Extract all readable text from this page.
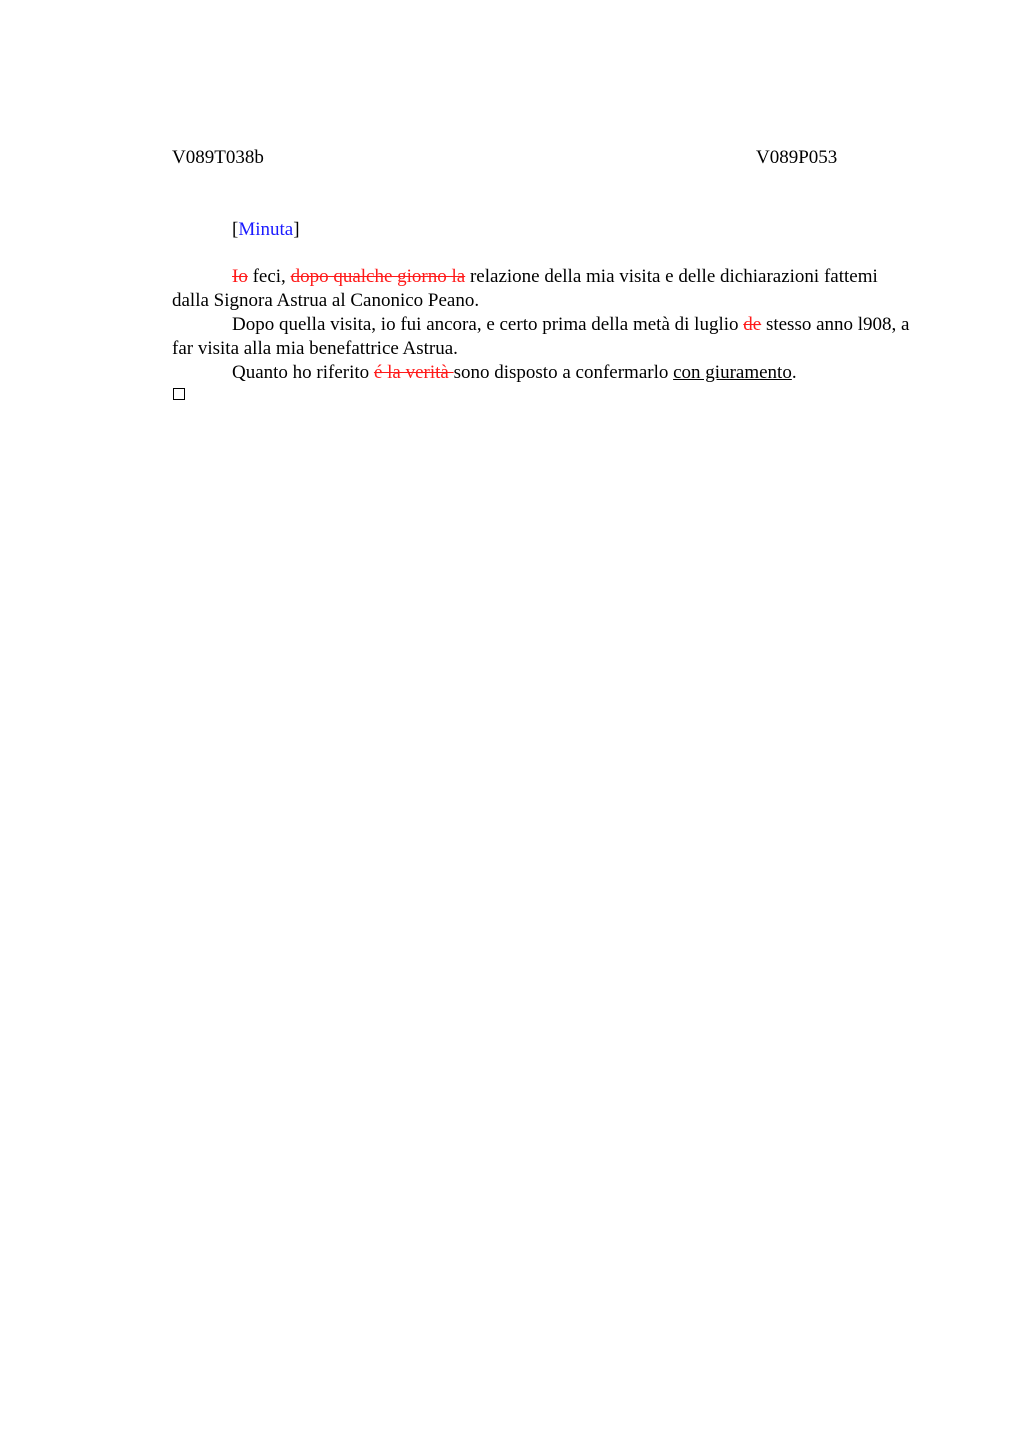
V089T038b	V089P053
[Minuta]

Io feci, dopo qualche giorno la relazione della mia visita e delle dichiarazioni fattemi dalla Signora Astrua al Canonico Peano.

Dopo quella visita, io fui ancora, e certo prima della metà di luglio de stesso anno l908, a far visita alla mia benefattrice Astrua.

Quanto ho riferito é la verità sono disposto a confermarlo con giuramento.
